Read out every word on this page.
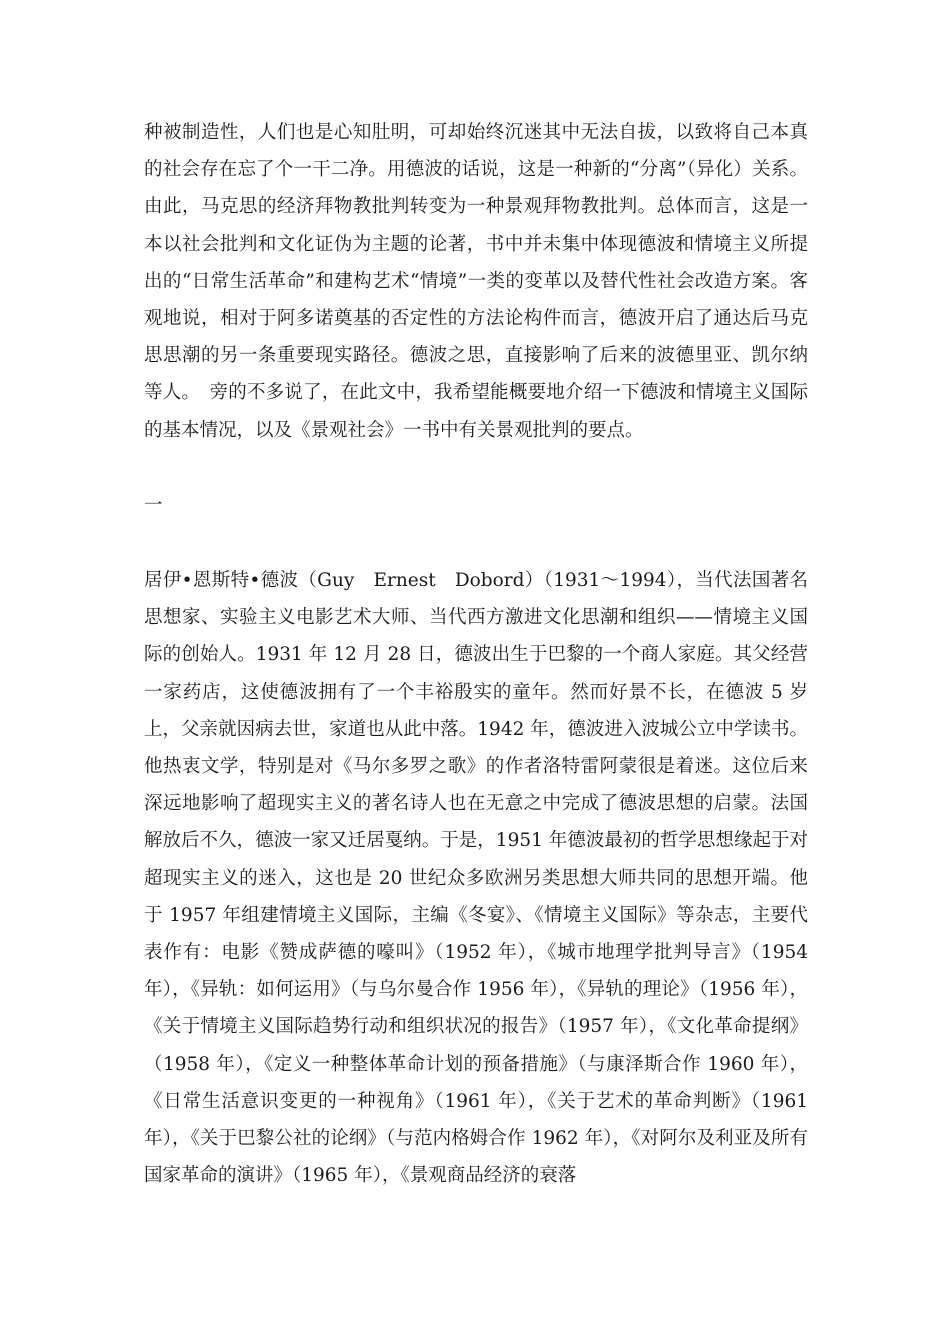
种被制造性，人们也是心知肚明，可却始终沉迷其中无法自拔，以致将自己本真的社会存在忘了个一干二净。用德波的话说，这是一种新的“分离”（异化）关系。由此，马克思的经济拜物教批判转变为一种景观拜物教批判。总体而言，这是一本以社会批判和文化证伪为主题的论著，书中并未集中体现德波和情境主义所提出的“日常生活革命”和建构艺术“情境”一类的变革以及替代性社会改造方案。客观地说，相对于阿多诺奠基的否定性的方法论构件而言，德波开启了通达后马克思思潮的另一条重要现实路径。德波之思，直接影响了后来的波德里亚、凯尔纳等人。　旁的不多说了，在此文中，我希望能概要地介绍一下德波和情境主义国际的基本情况，以及《景观社会》一书中有关景观批判的要点。

一

居伊•恩斯特•德波（Guy　Ernest　Dobord）（1931～1994），当代法国著名思想家、实验主义电影艺术大师、当代西方激进文化思潮和组织——情境主义国际的创始人。1931 年 12 月 28 日，德波出生于巴黎的一个商人家庭。其父经营一家药店，这使德波拥有了一个丰裕殷实的童年。然而好景不长，在德波 5 岁上，父亲就因病去世，家道也从此中落。1942 年，德波进入波城公立中学读书。他热衷文学，特别是对《马尔多罗之歌》的作者洛特雷阿蒙很是着迷。这位后来深远地影响了超现实主义的著名诗人也在无意之中完成了德波思想的启蒙。法国解放后不久，德波一家又迁居戛纳。于是，1951 年德波最初的哲学思想缘起于对超现实主义的迷入，这也是 20 世纪众多欧洲另类思想大师共同的思想开端。他于 1957 年组建情境主义国际，主编《冬宴》、《情境主义国际》等杂志，主要代表作有：电影《赞成萨德的嚎叫》（1952 年），《城市地理学批判导言》（1954 年），《异轨：如何运用》（与乌尔曼合作 1956 年），《异轨的理论》（1956 年），《关于情境主义国际趋势行动和组织状况的报告》（1957 年），《文化革命提纲》（1958 年），《定义一种整体革命计划的预备措施》（与康泽斯合作 1960 年），《日常生活意识变更的一种视角》（1961 年），《关于艺术的革命判断》（1961 年），《关于巴黎公社的论纲》（与范内格姆合作 1962 年），《对阿尔及利亚及所有国家革命的演讲》（1965 年），《景观商品经济的衰落
